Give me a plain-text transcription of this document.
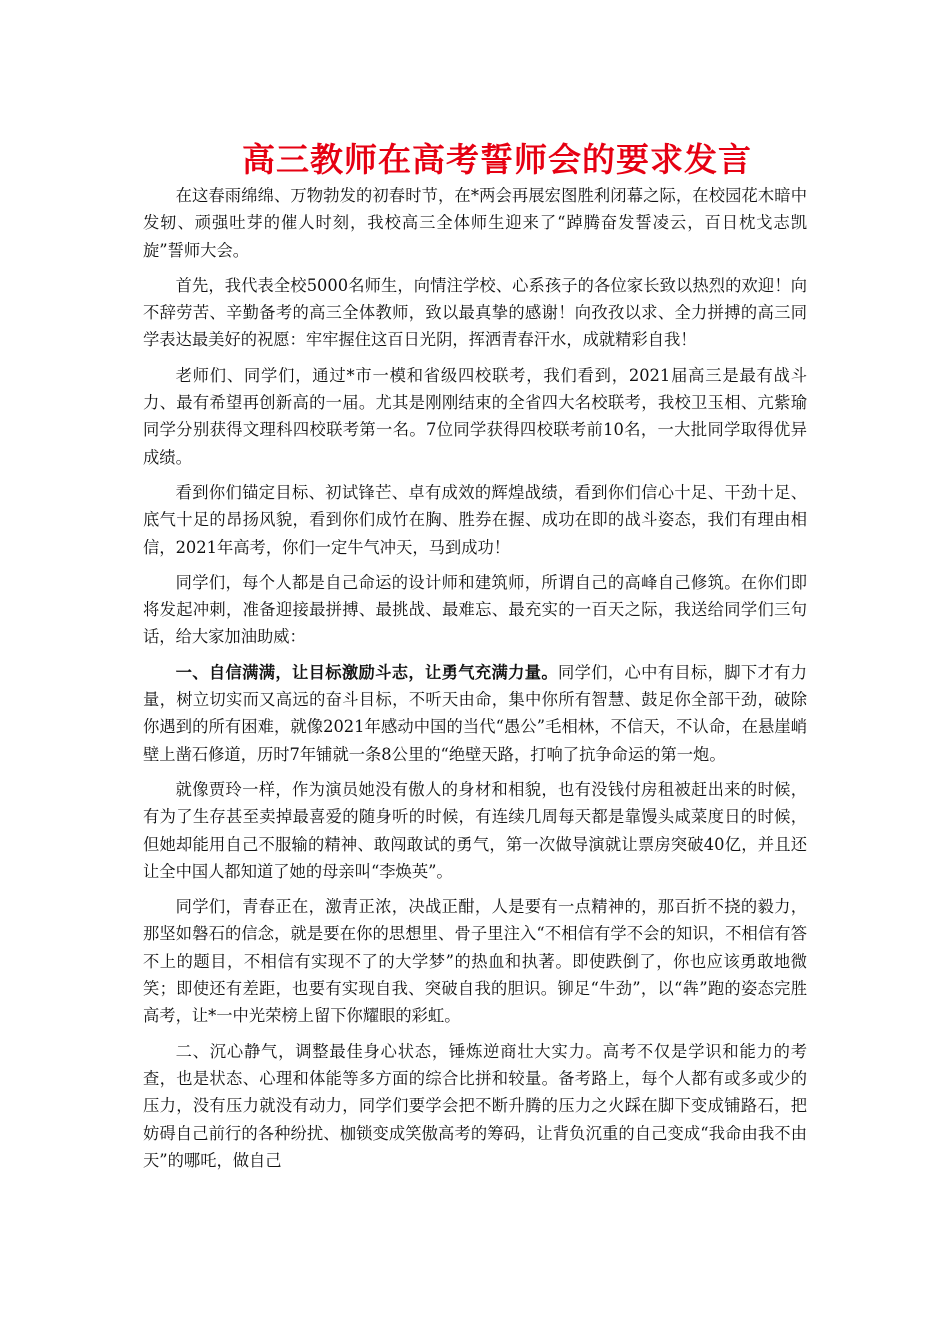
高三教师在高考誓师会的要求发言

在这春雨绵绵、万物勃发的初春时节，在*两会再展宏图胜利闭幕之际，在校园花木暗中发轫、顽强吐芽的催人时刻，我校高三全体师生迎来了“踔腾奋发誓凌云，百日枕戈志凯旋”誓师大会。

首先，我代表全校5000名师生，向情注学校、心系孩子的各位家长致以热烈的欢迎！向不辞劳苦、辛勤备考的高三全体教师，致以最真挚的感谢！向孜孜以求、全力拼搏的高三同学表达最美好的祝愿：牢牢握住这百日光阴，挥洒青春汗水，成就精彩自我！

老师们、同学们，通过*市一模和省级四校联考，我们看到，2021届高三是最有战斗力、最有希望再创新高的一届。尤其是刚刚结束的全省四大名校联考，我校卫玉相、亢紫瑜同学分别获得文理科四校联考第一名。7位同学获得四校联考前10名，一大批同学取得优异成绩。

看到你们锚定目标、初试锋芒、卓有成效的辉煌战绩，看到你们信心十足、干劲十足、底气十足的昂扬风貌，看到你们成竹在胸、胜券在握、成功在即的战斗姿态，我们有理由相信，2021年高考，你们一定牛气冲天，马到成功！

同学们，每个人都是自己命运的设计师和建筑师，所谓自己的高峰自己修筑。在你们即将发起冲刺，准备迎接最拼搏、最挑战、最难忘、最充实的一百天之际，我送给同学们三句话，给大家加油助威：

一、自信满满，让目标激励斗志，让勇气充满力量。同学们，心中有目标，脚下才有力量，树立切实而又高远的奋斗目标，不听天由命，集中你所有智慧、鼓足你全部干劲，破除你遇到的所有困难，就像2021年感动中国的当代“愚公”毛相林，不信天，不认命，在悬崖峭壁上凿石修道，历时7年铺就一条8公里的“绝壁天路，打响了抗争命运的第一炮。

就像贾玲一样，作为演员她没有傲人的身材和相貌，也有没钱付房租被赶出来的时候，有为了生存甚至卖掉最喜爱的随身听的时候，有连续几周每天都是靠馒头咸菜度日的时候，但她却能用自己不服输的精神、敢闯敢试的勇气，第一次做导演就让票房突破40亿，并且还让全中国人都知道了她的母亲叫“李焕英”。

同学们，青春正在，激青正浓，决战正酣，人是要有一点精神的，那百折不挠的毅力，那坚如磐石的信念，就是要在你的思想里、骨子里注入“不相信有学不会的知识，不相信有答不上的题目，不相信有实现不了的大学梦”的热血和执著。即使跌倒了，你也应该勇敢地微笑；即使还有差距，也要有实现自我、突破自我的胆识。铆足“牛劲”，以“犇”跑的姿态完胜高考，让*一中光荣榜上留下你耀眼的彩虹。

二、沉心静气，调整最佳身心状态，锤炼逆商壮大实力。高考不仅是学识和能力的考查，也是状态、心理和体能等多方面的综合比拼和较量。备考路上，每个人都有或多或少的压力，没有压力就没有动力，同学们要学会把不断升腾的压力之火踩在脚下变成铺路石，把妨碍自己前行的各种纷扰、枷锁变成笑傲高考的筹码，让背负沉重的自己变成“我命由我不由天”的哪吒，做自己
